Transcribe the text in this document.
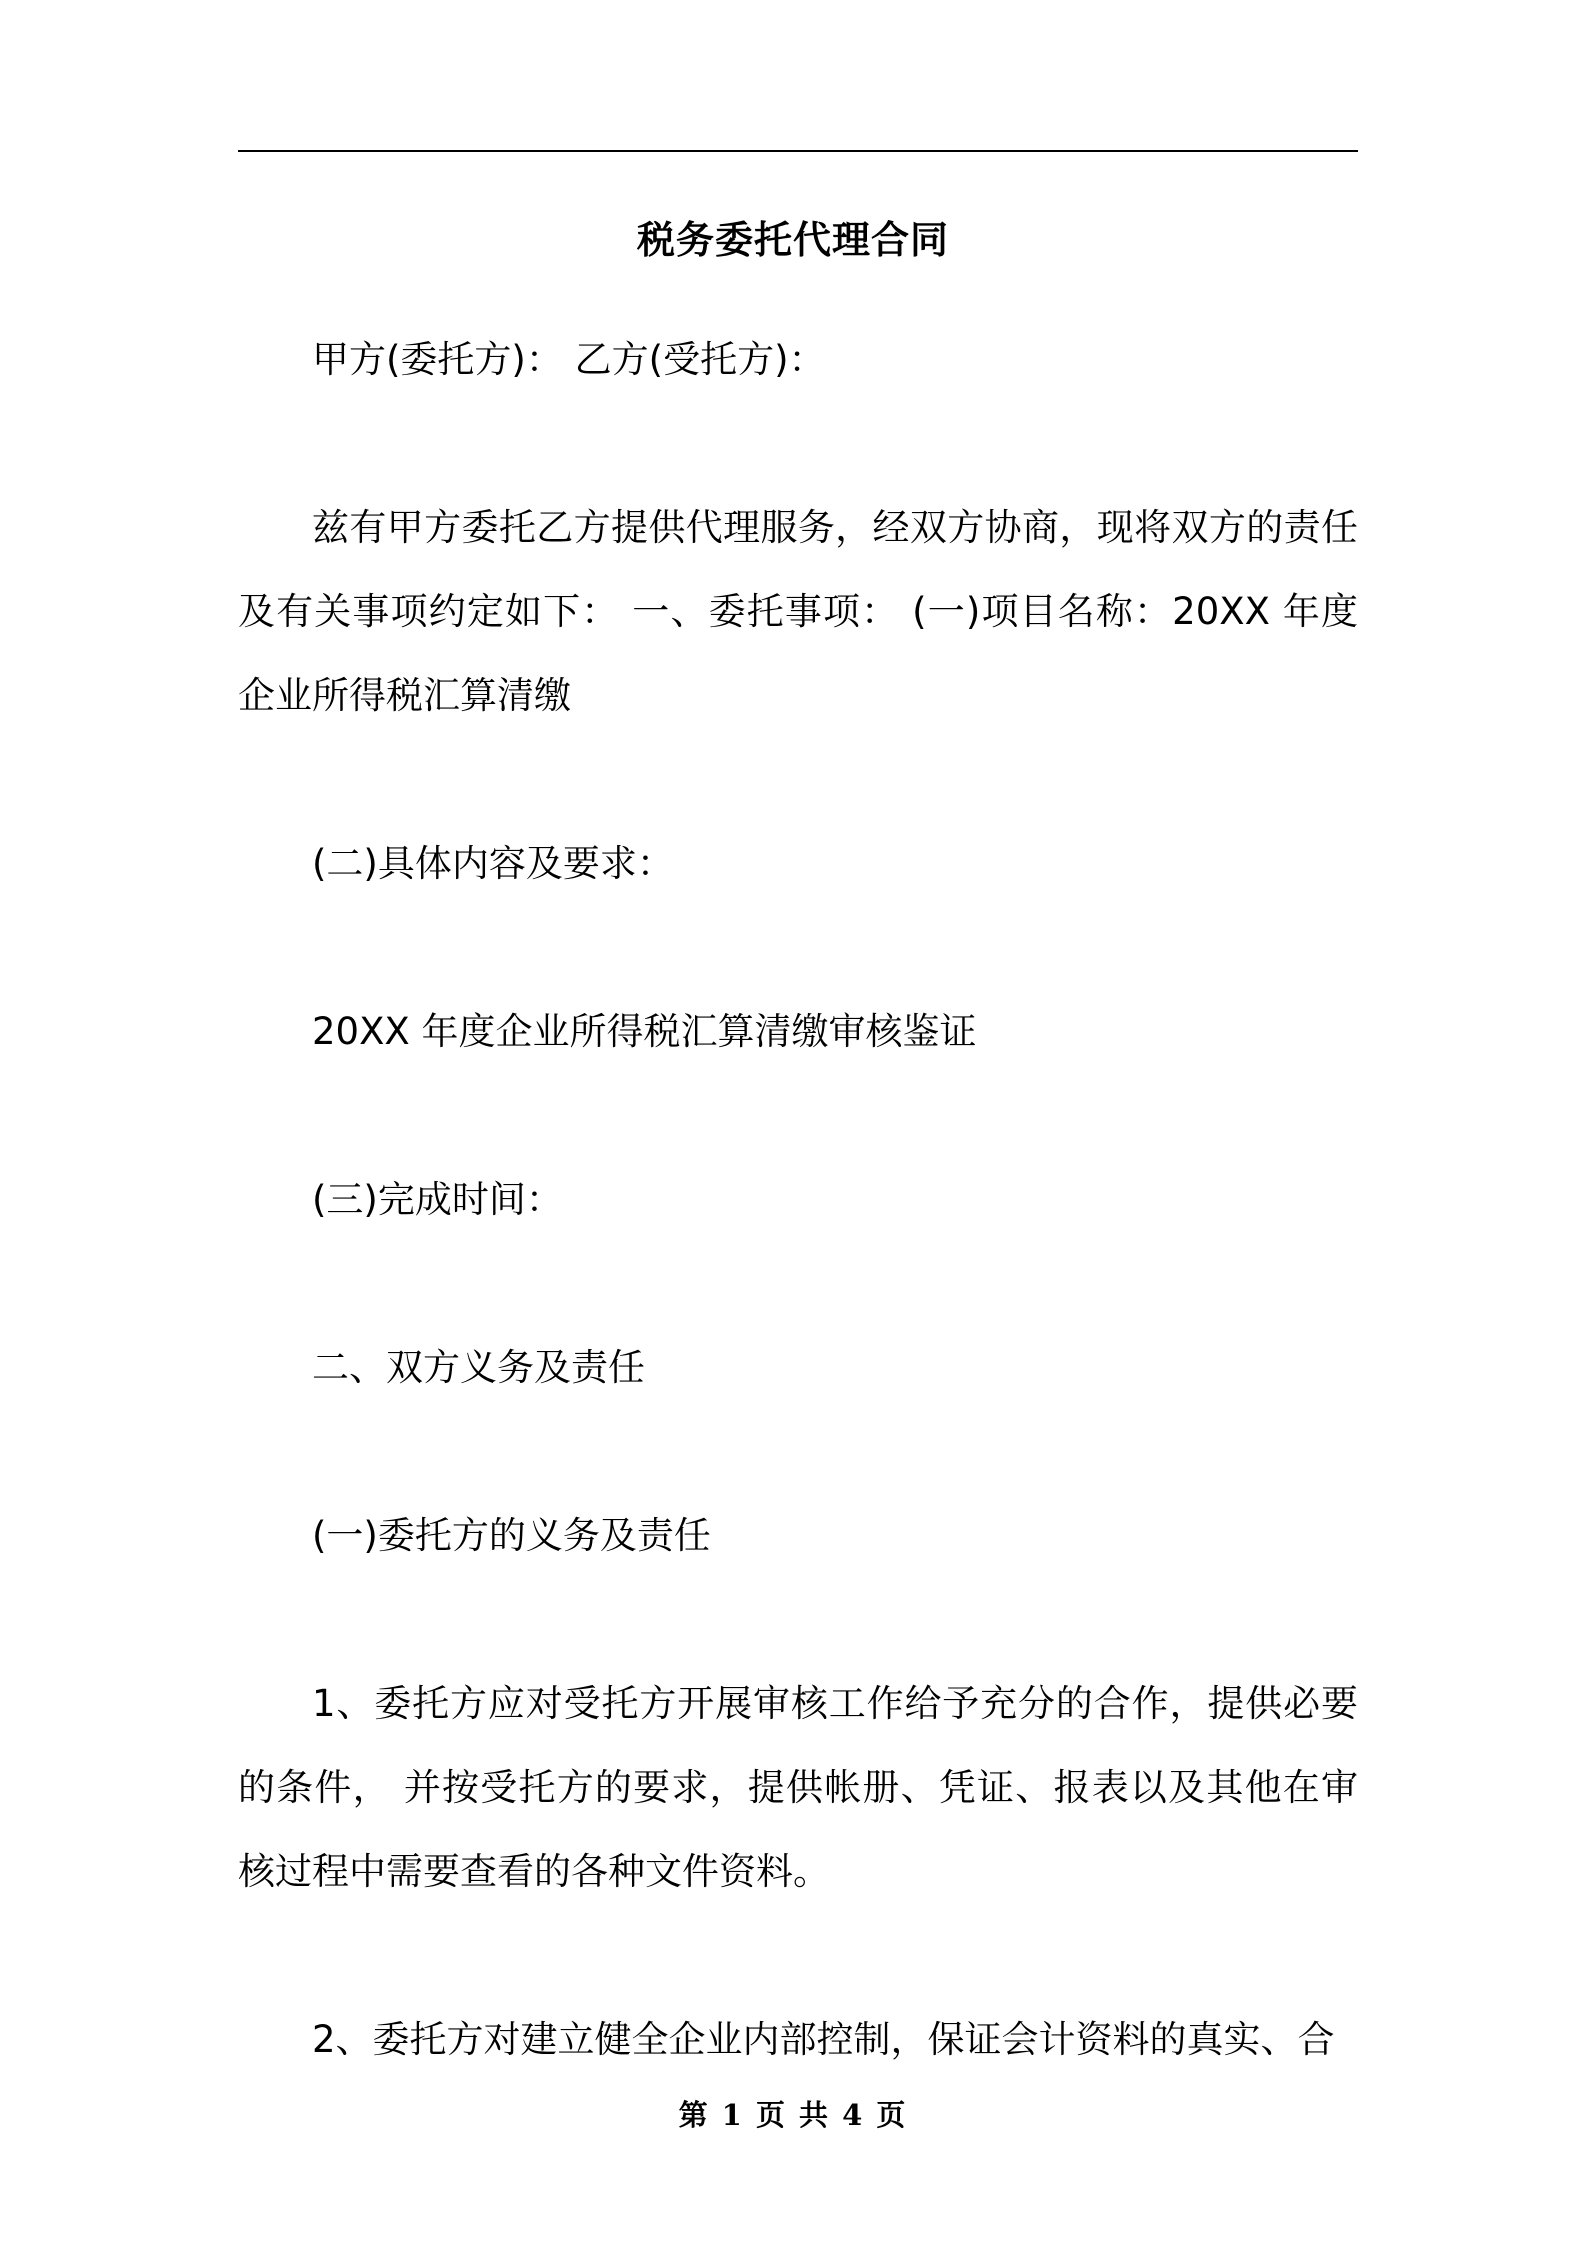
税务委托代理合同

甲方(委托方)： 乙方(受托方)：

兹有甲方委托乙方提供代理服务，经双方协商，现将双方的责任及有关事项约定如下： 一、委托事项： (一)项目名称：20XX 年度企业所得税汇算清缴

(二)具体内容及要求：

20XX 年度企业所得税汇算清缴审核鉴证

(三)完成时间：

二、双方义务及责任

(一)委托方的义务及责任

1、委托方应对受托方开展审核工作给予充分的合作，提供必要的条件， 并按受托方的要求，提供帐册、凭证、报表以及其他在审核过程中需要查看的各种文件资料。

2、委托方对建立健全企业内部控制，保证会计资料的真实、合

第 1 页 共 4 页
